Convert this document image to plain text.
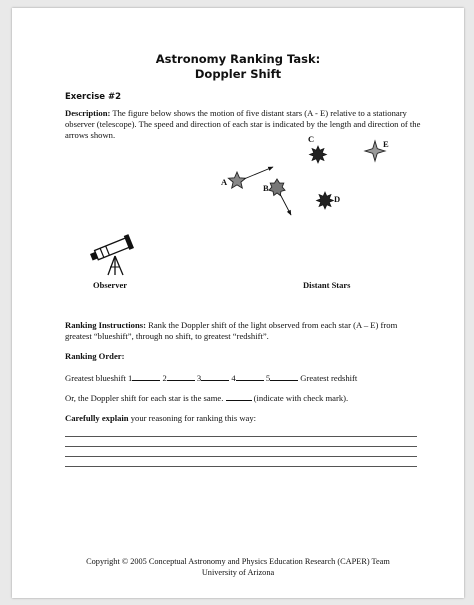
Astronomy Ranking Task:
Doppler Shift
Exercise #2
Description: The figure below shows the motion of five distant stars (A - E) relative to a stationary observer (telescope). The speed and direction of each star is indicated by the length and direction of the arrows shown.
A
B
C
D
E
Observer	Distant Stars
Ranking Instructions: Rank the Doppler shift of the light observed from each star (A – E) from greatest “blueshift”, through no shift, to greatest “redshift”.
Ranking Order:
Greatest blueshift 1	2	3	4	5	Greatest redshift
Or, the Doppler shift for each star is the same.	(indicate with check mark).
Carefully explain your reasoning for ranking this way:
Copyright © 2005 Conceptual Astronomy and Physics Education Research (CAPER) Team
University of Arizona
